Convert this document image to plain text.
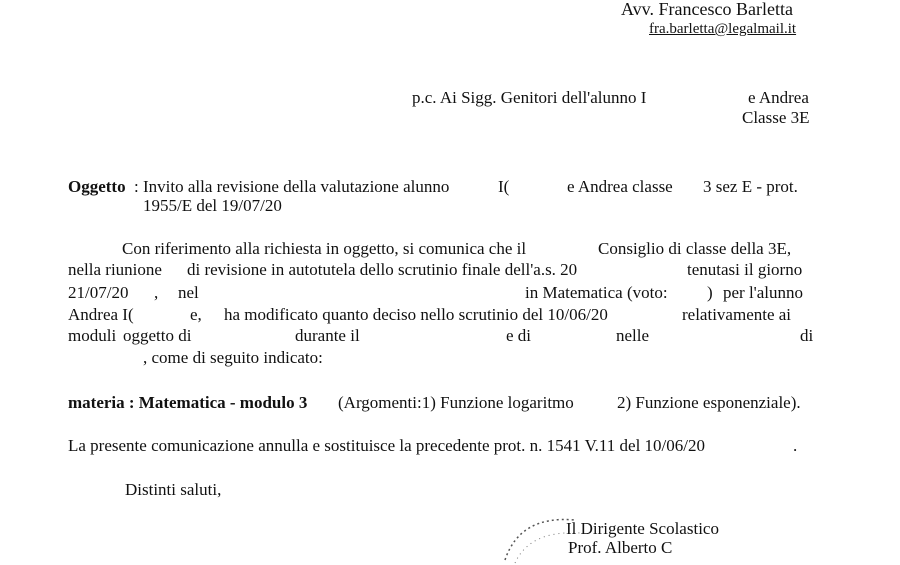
Avv. Francesco Barletta
fra.barletta@legalmail.it
p.c. Ai Sigg. Genitori dell'alunno I	e Andrea
Classe 3E
Oggetto : Invito alla revisione della valutazione alunno	I(	e Andrea classe 3 sez E - prot.
1955/E del 19/07/20
Con riferimento alla richiesta in oggetto, si comunica che il	Consiglio di classe della 3E,
nella riunione di revisione in autotutela dello scrutinio finale dell'a.s. 20	tenutasi il giorno
21/07/20 , nel	in Matematica (voto: ) per l'alunno
Andrea I(	e, ha modificato quanto deciso nello scrutinio del 10/06/20	relativamente ai
moduli oggetto di	durante il	e di	nelle	di
, come di seguito indicato:
materia : Matematica - modulo 3 (Argomenti:1) Funzione logaritmo	2) Funzione esponenziale).
La presente comunicazione annulla e sostituisce la precedente prot. n. 1541 V.11 del 10/06/20	.
Distinti saluti,
Il Dirigente Scolastico
Prof. Alberto C
